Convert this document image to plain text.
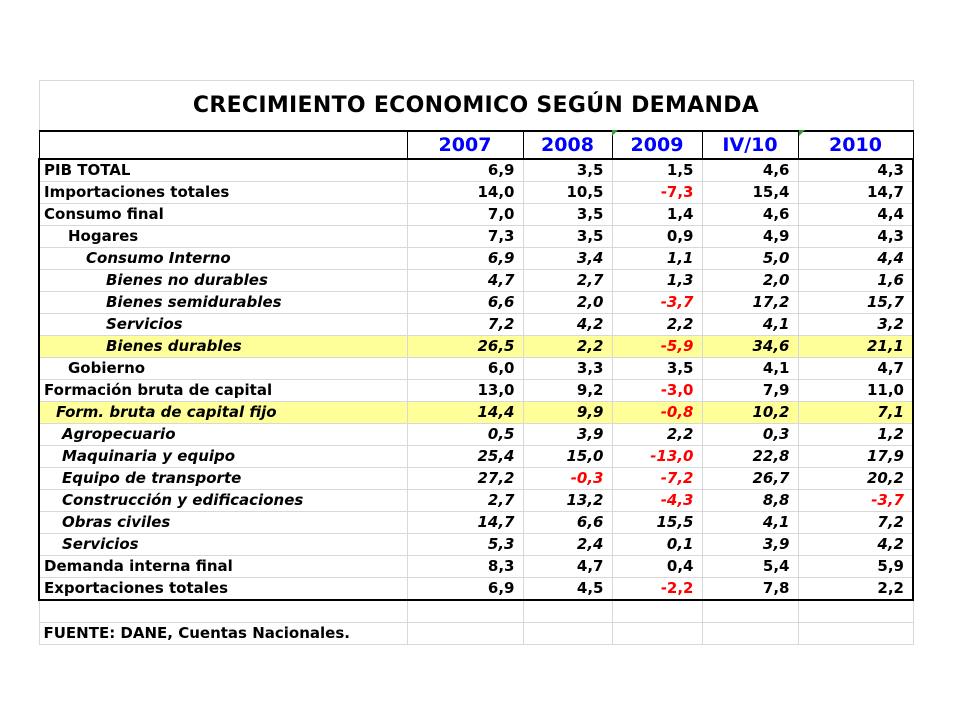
CRECIMIENTO ECONOMICO SEGÚN DEMANDA					
	2007	2008	2009	IV/10	2010
PIB TOTAL	6,9	3,5	1,5	4,6	4,3
Importaciones totales	14,0	10,5	-7,3	15,4	14,7
Consumo final	7,0	3,5	1,4	4,6	4,4
Hogares	7,3	3,5	0,9	4,9	4,3
Consumo Interno	6,9	3,4	1,1	5,0	4,4
Bienes no durables	4,7	2,7	1,3	2,0	1,6
Bienes semidurables	6,6	2,0	-3,7	17,2	15,7
Servicios	7,2	4,2	2,2	4,1	3,2
Bienes durables	26,5	2,2	-5,9	34,6	21,1
Gobierno	6,0	3,3	3,5	4,1	4,7
Formación bruta de capital	13,0	9,2	-3,0	7,9	11,0
Form. bruta de capital fijo	14,4	9,9	-0,8	10,2	7,1
Agropecuario	0,5	3,9	2,2	0,3	1,2
Maquinaria y equipo	25,4	15,0	-13,0	22,8	17,9
Equipo de transporte	27,2	-0,3	-7,2	26,7	20,2
Construcción y edificaciones	2,7	13,2	-4,3	8,8	-3,7
Obras civiles	14,7	6,6	15,5	4,1	7,2
Servicios	5,3	2,4	0,1	3,9	4,2
Demanda interna final	8,3	4,7	0,4	5,4	5,9
Exportaciones totales	6,9	4,5	-2,2	7,8	2,2

FUENTE: DANE, Cuentas Nacionales.					
